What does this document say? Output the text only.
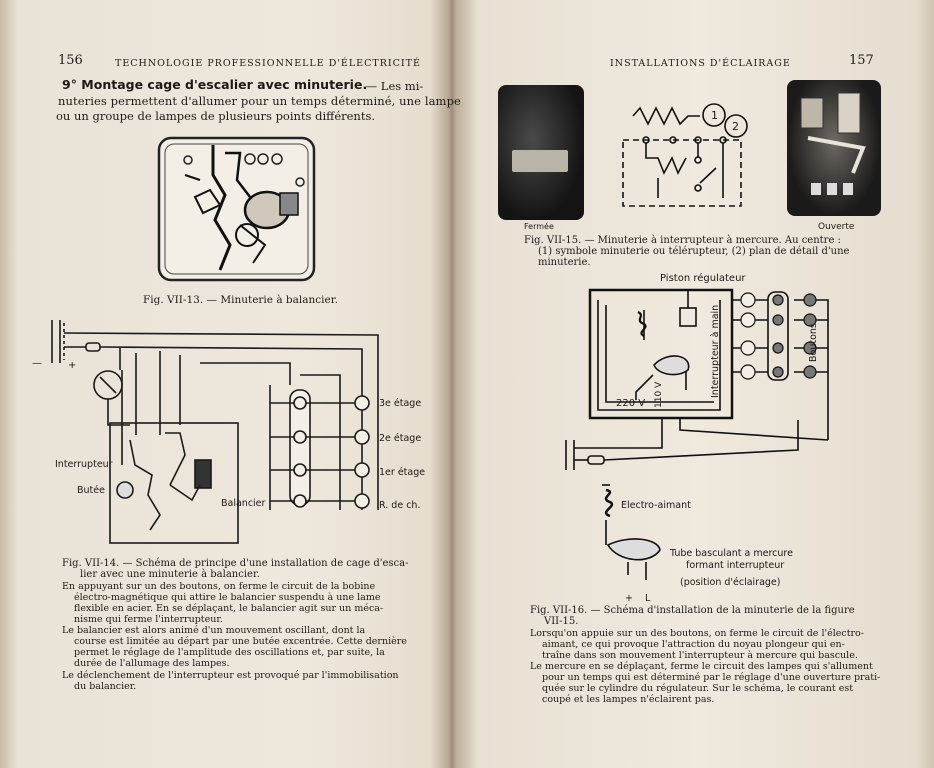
156	TECHNOLOGIE PROFESSIONNELLE D'ÉLECTRICITÉ
9° Montage cage d'escalier avec minuterie.
— Les mi-
nuteries permettent d'allumer pour un temps déterminé, une lampe
ou un groupe de lampes de plusieurs points différents.
Fig. VII-13. — Minuterie à balancier.
—	+
Interrupteur
Butée
Balancier
3e étage
2e étage
1er étage
R. de ch.
Fig. VII-14. — Schéma de principe d'une installation de cage d'esca-
lier avec une minuterie à balancier.
En appuyant sur un des boutons, on ferme le circuit de la bobine
électro-magnétique qui attire le balancier suspendu à une lame
flexible en acier. En se déplaçant, le balancier agit sur un méca-
nisme qui ferme l'interrupteur.
Le balancier est alors animé d'un mouvement oscillant, dont la
course est limitée au départ par une butée excentrée. Cette dernière
permet le réglage de l'amplitude des oscillations et, par suite, la
durée de l'allumage des lampes.
Le déclenchement de l'interrupteur est provoqué par l'immobilisation
du balancier.
157
INSTALLATIONS D'ÉCLAIRAGE
1
2
Fermée	Ouverte
Fig. VII-15. — Minuterie à interrupteur à mercure. Au centre :
(1) symbole minuterie ou télérupteur, (2) plan de détail d'une
minuterie.
Piston régulateur
Interrupteur à main	Boutons
220 V 110 V
Electro-aimant
Tube basculant a mercure
formant interrupteur
(position d'éclairage)
+ L
Fig. VII-16. — Schéma d'installation de la minuterie de la figure
VII-15.
Lorsqu'on appuie sur un des boutons, on ferme le circuit de l'électro-
aimant, ce qui provoque l'attraction du noyau plongeur qui en-
traîne dans son mouvement l'interrupteur à mercure qui bascule.
Le mercure en se déplaçant, ferme le circuit des lampes qui s'allument
pour un temps qui est déterminé par le réglage d'une ouverture prati-
quée sur le cylindre du régulateur. Sur le schéma, le courant est
coupé et les lampes n'éclairent pas.
